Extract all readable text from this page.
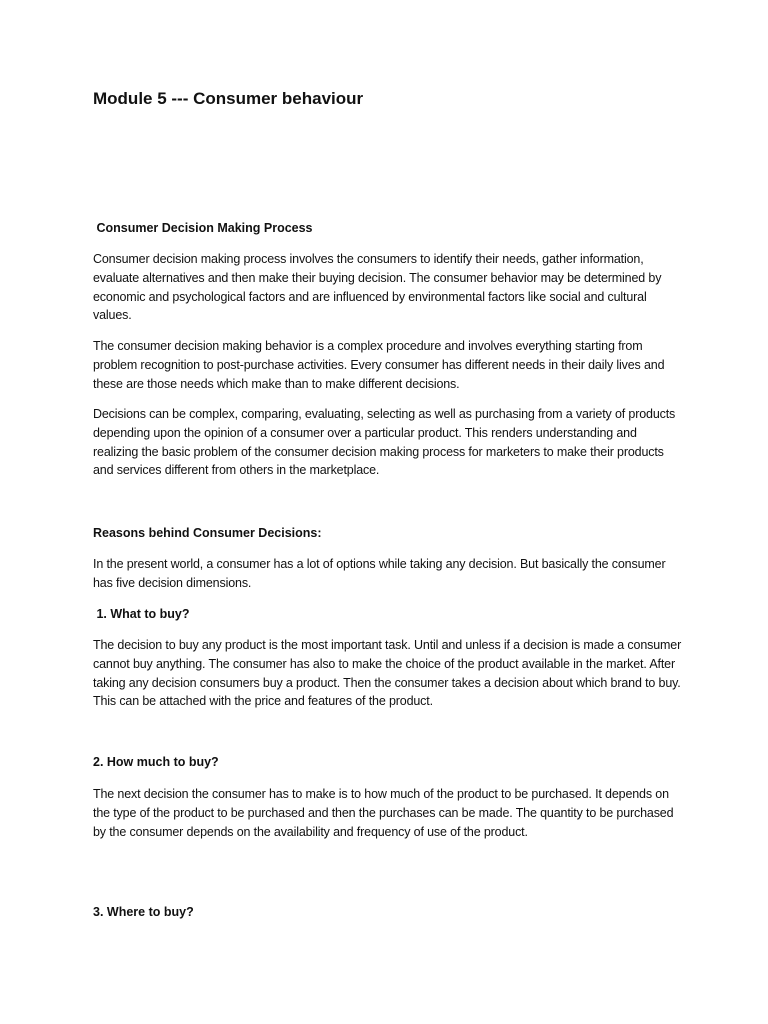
Module 5 --- Consumer behaviour
Consumer Decision Making Process

Consumer decision making process involves the consumers to identify their needs, gather information, evaluate alternatives and then make their buying decision. The consumer behavior may be determined by economic and psychological factors and are influenced by environmental factors like social and cultural values.

The consumer decision making behavior is a complex procedure and involves everything starting from problem recognition to post-purchase activities. Every consumer has different needs in their daily lives and these are those needs which make than to make different decisions.

Decisions can be complex, comparing, evaluating, selecting as well as purchasing from a variety of products depending upon the opinion of a consumer over a particular product. This renders understanding and realizing the basic problem of the consumer decision making process for marketers to make their products and services different from others in the marketplace.

Reasons behind Consumer Decisions:

In the present world, a consumer has a lot of options while taking any decision. But basically the consumer has five decision dimensions.

1. What to buy?

The decision to buy any product is the most important task. Until and unless if a decision is made a consumer cannot buy anything. The consumer has also to make the choice of the product available in the market. After taking any decision consumers buy a product. Then the consumer takes a decision about which brand to buy. This can be attached with the price and features of the product.

2. How much to buy?

The next decision the consumer has to make is to how much of the product to be purchased. It depends on the type of the product to be purchased and then the purchases can be made. The quantity to be purchased by the consumer depends on the availability and frequency of use of the product.

3. Where to buy?
